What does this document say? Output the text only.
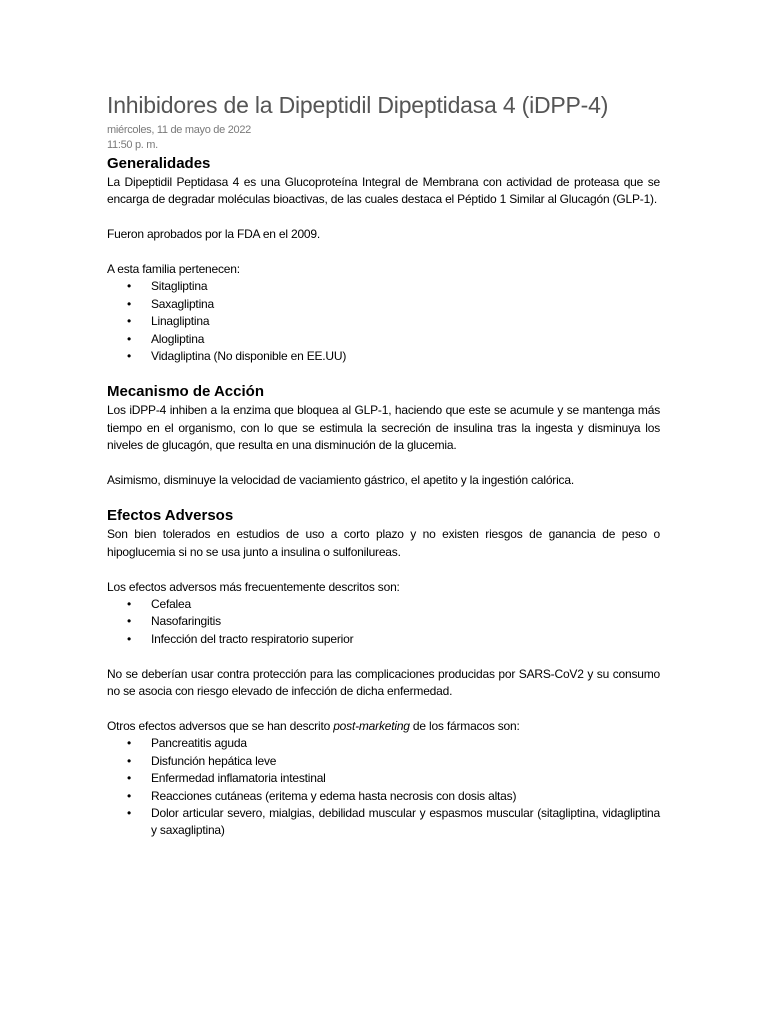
Inhibidores de la Dipeptidil Dipeptidasa 4 (iDPP-4)
miércoles, 11 de mayo de 2022
11:50 p. m.
Generalidades

La Dipeptidil Peptidasa 4 es una Glucoproteína Integral de Membrana con actividad de proteasa que se encarga de degradar moléculas bioactivas, de las cuales destaca el Péptido 1 Similar al Glucagón (GLP-1).

Fueron aprobados por la FDA en el 2009.

A esta familia pertenecen:

• Sitagliptina
• Saxagliptina
• Linagliptina
• Alogliptina
• Vidagliptina (No disponible en EE.UU)
Mecanismo de Acción

Los iDPP-4 inhiben a la enzima que bloquea al GLP-1, haciendo que este se acumule y se mantenga más tiempo en el organismo, con lo que se estimula la secreción de insulina tras la ingesta y disminuya los niveles de glucagón, que resulta en una disminución de la glucemia.

Asimismo, disminuye la velocidad de vaciamiento gástrico, el apetito y la ingestión calórica.

Efectos Adversos

Son bien tolerados en estudios de uso a corto plazo y no existen riesgos de ganancia de peso o hipoglucemia si no se usa junto a insulina o sulfonilureas.

Los efectos adversos más frecuentemente descritos son:

• Cefalea
• Nasofaringitis
• Infección del tracto respiratorio superior

No se deberían usar contra protección para las complicaciones producidas por SARS-CoV2 y su consumo no se asocia con riesgo elevado de infección de dicha enfermedad.

Otros efectos adversos que se han descrito post-marketing de los fármacos son:

• Pancreatitis aguda
• Disfunción hepática leve
• Enfermedad inflamatoria intestinal
• Reacciones cutáneas (eritema y edema hasta necrosis con dosis altas)
• Dolor articular severo, mialgias, debilidad muscular y espasmos muscular (sitagliptina, vidagliptina y saxagliptina)
